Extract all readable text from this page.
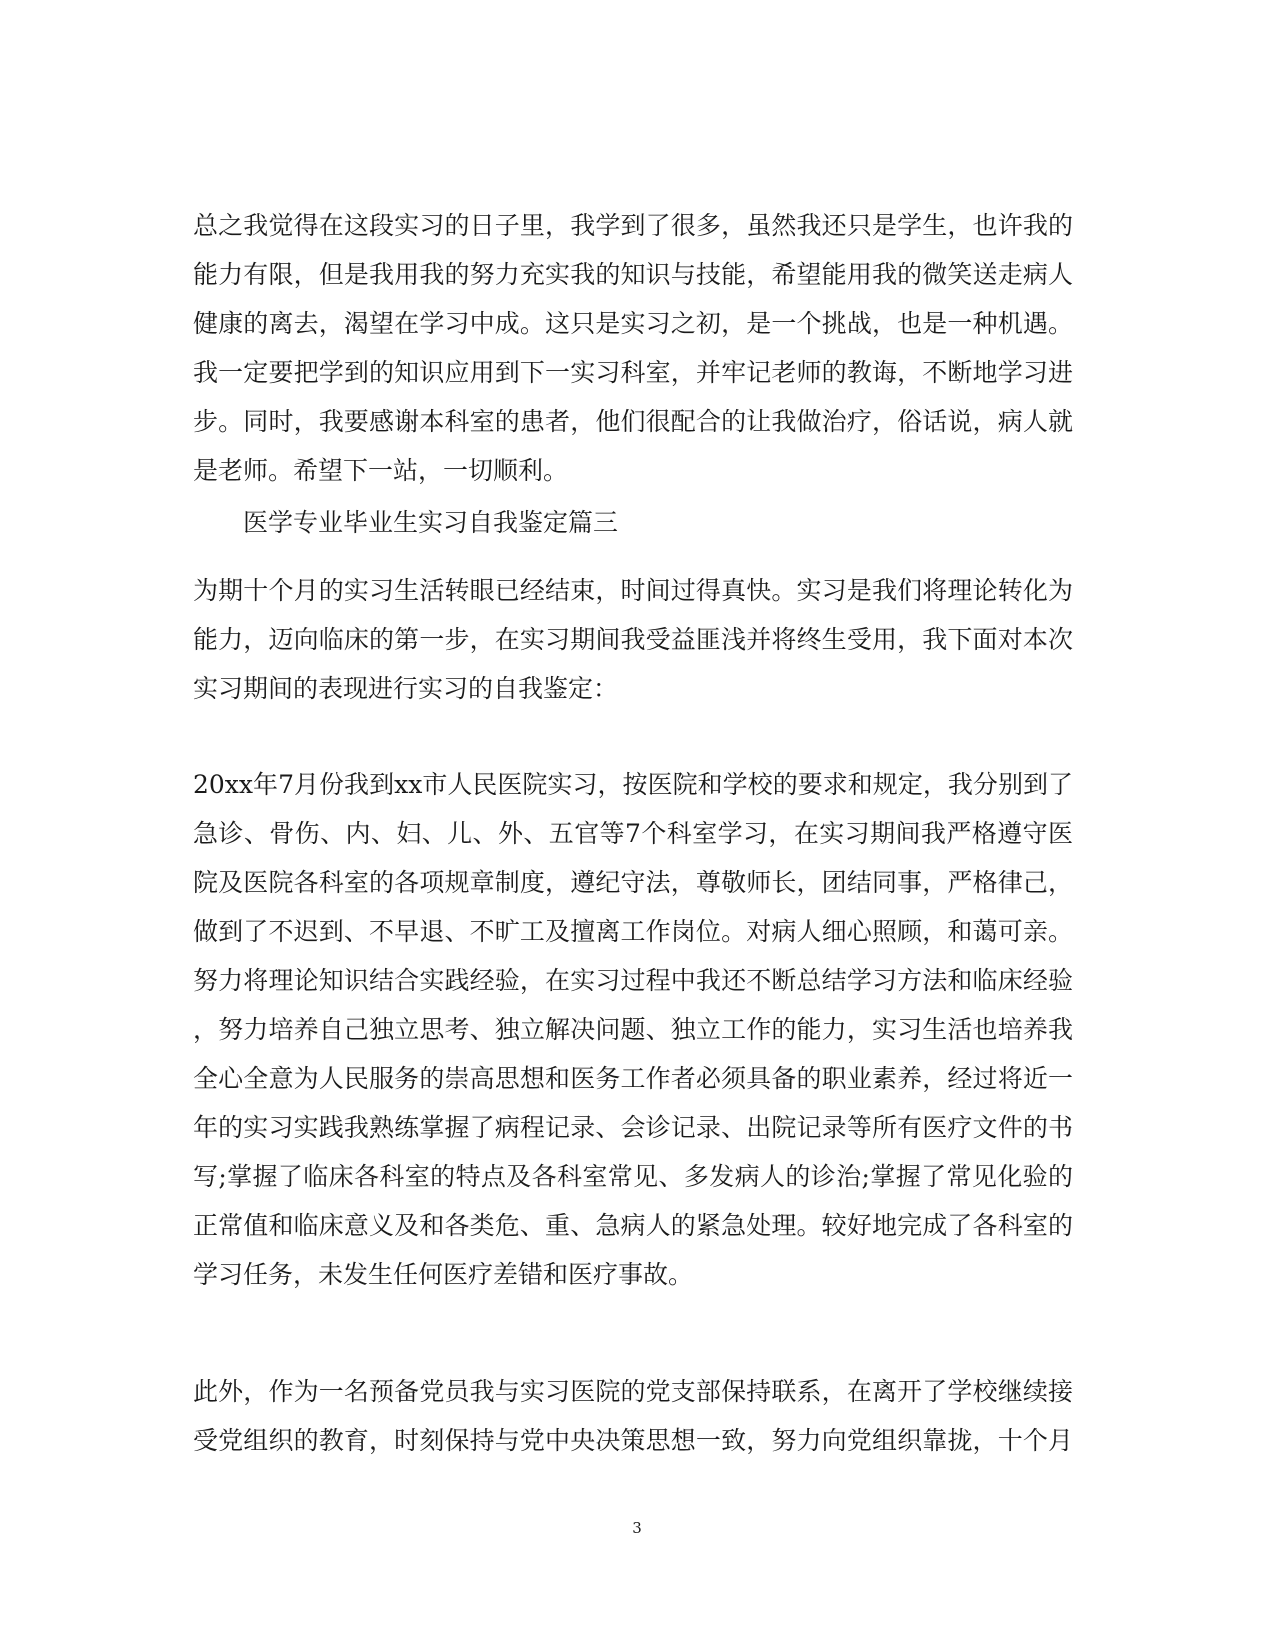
总之我觉得在这段实习的日子里，我学到了很多，虽然我还只是学生，也许我的
能力有限，但是我用我的努力充实我的知识与技能，希望能用我的微笑送走病人
健康的离去，渴望在学习中成。这只是实习之初，是一个挑战，也是一种机遇。
我一定要把学到的知识应用到下一实习科室，并牢记老师的教诲，不断地学习进
步。同时，我要感谢本科室的患者，他们很配合的让我做治疗，俗话说，病人就
是老师。希望下一站，一切顺利。
医学专业毕业生实习自我鉴定篇三
为期十个月的实习生活转眼已经结束，时间过得真快。实习是我们将理论转化为
能力，迈向临床的第一步，在实习期间我受益匪浅并将终生受用，我下面对本次
实习期间的表现进行实习的自我鉴定：
20xx年7月份我到xx市人民医院实习，按医院和学校的要求和规定，我分别到了
急诊、骨伤、内、妇、儿、外、五官等7个科室学习，在实习期间我严格遵守医
院及医院各科室的各项规章制度，遵纪守法，尊敬师长，团结同事，严格律己，
做到了不迟到、不早退、不旷工及擅离工作岗位。对病人细心照顾，和蔼可亲。
努力将理论知识结合实践经验，在实习过程中我还不断总结学习方法和临床经验
，努力培养自己独立思考、独立解决问题、独立工作的能力，实习生活也培养我
全心全意为人民服务的崇高思想和医务工作者必须具备的职业素养，经过将近一
年的实习实践我熟练掌握了病程记录、会诊记录、出院记录等所有医疗文件的书
写;掌握了临床各科室的特点及各科室常见、多发病人的诊治;掌握了常见化验的
正常值和临床意义及和各类危、重、急病人的紧急处理。较好地完成了各科室的
学习任务，未发生任何医疗差错和医疗事故。
此外，作为一名预备党员我与实习医院的党支部保持联系，在离开了学校继续接
受党组织的教育，时刻保持与党中央决策思想一致，努力向党组织靠拢，十个月
3
